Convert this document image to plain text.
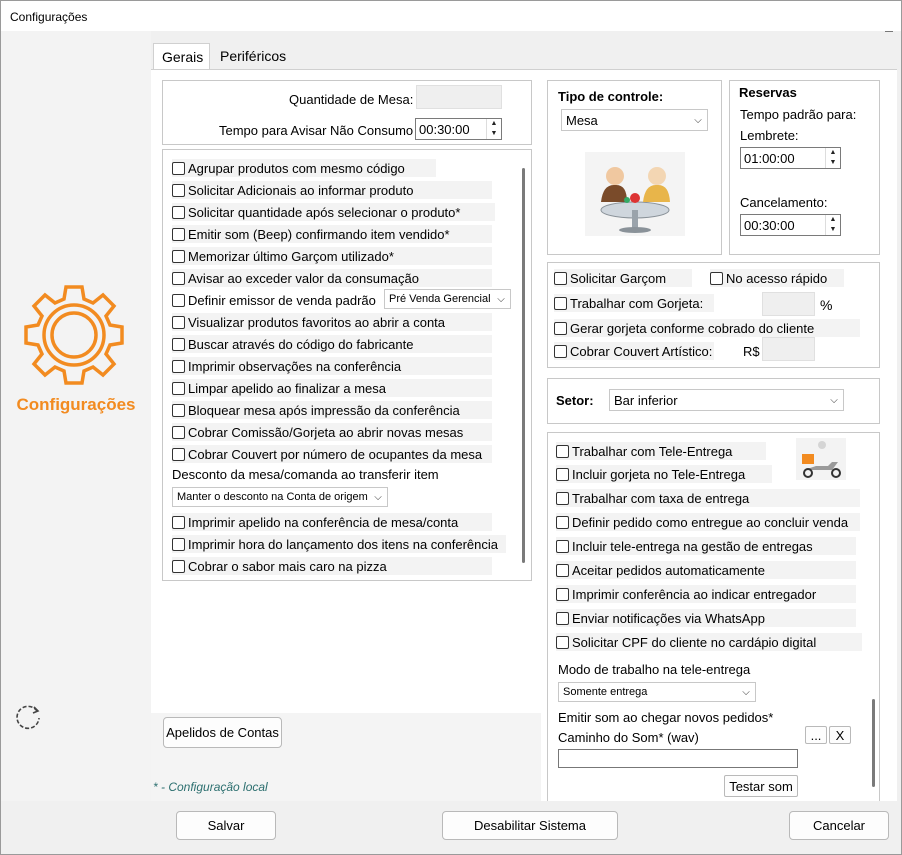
Configurações
Configurações
Gerais	Periféricos
Quantidade de Mesa:
Tempo para Avisar Não Consumo 00:30:00	▲
▼
Agrupar produtos com mesmo código
Solicitar Adicionais ao informar produto
Solicitar quantidade após selecionar o produto*
Emitir som (Beep) confirmando item vendido*
Memorizar último Garçom utilizado*
Avisar ao exceder valor da consumação
Definir emissor de venda padrão Pré Venda Gerencial ⌵
Visualizar produtos favoritos ao abrir a conta
Buscar através do código do fabricante
Imprimir observações na conferência
Limpar apelido ao finalizar a mesa
Bloquear mesa após impressão da conferência
Cobrar Comissão/Gorjeta ao abrir novas mesas
Cobrar Couvert por número de ocupantes da mesa
Desconto da mesa/comanda ao transferir item
Manter o desconto na Conta de origem ⌵
Imprimir apelido na conferência de mesa/conta
Imprimir hora do lançamento dos itens na conferência
Cobrar o sabor mais caro na pizza
Apelidos de Contas
* - Configuração local
Tipo de controle:
Mesa	⌵
Reservas
Tempo padrão para:
Lembrete:
01:00:00	▲
▼
Cancelamento:
00:30:00	▲
▼
Solicitar Garçom	No acesso rápido
Trabalhar com Gorjeta:	%
Gerar gorjeta conforme cobrado do cliente
Cobrar Couvert Artístico: R$
Setor: Bar inferior	⌵
Trabalhar com Tele-Entrega
Incluir gorjeta no Tele-Entrega
Trabalhar com taxa de entrega
Definir pedido como entregue ao concluir venda
Incluir tele-entrega na gestão de entregas
Aceitar pedidos automaticamente
Imprimir conferência ao indicar entregador
Enviar notificações via WhatsApp
Solicitar CPF do cliente no cardápio digital
Modo de trabalho na tele-entrega
Somente entrega	⌵
Emitir som ao chegar novos pedidos*
Caminho do Som* (wav)	...	X
Testar som
Salvar	Desabilitar Sistema	Cancelar
